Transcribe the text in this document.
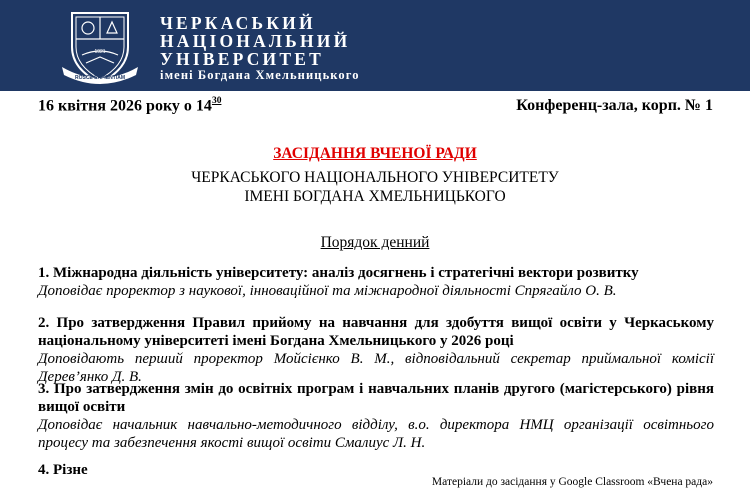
ROSCE SAPIENTIAM
1921
ЧЕРКАСЬКИЙ
НАЦІОНАЛЬНИЙ
УНІВЕРСИТЕТ
імені Богдана Хмельницького
16 квітня 2026 року о $14^{30}$	Конференц-зала, корп. № 1
ЗАСІДАННЯ ВЧЕНОЇ РАДИ
ЧЕРКАСЬКОГО НАЦІОНАЛЬНОГО УНІВЕРСИТЕТУ
ІМЕНІ БОГДАНА ХМЕЛЬНИЦЬКОГО
Порядок денний
1. Міжнародна діяльність університету: аналіз досягнень і стратегічні вектори розвитку
Доповідає проректор з наукової, інноваційної та міжнародної діяльності Спрягайло О. В.
2. Про затвердження Правил прийому на навчання для здобуття вищої освіти у Черкаському національному університеті імені Богдана Хмельницького у 2026 році
Доповідають перший проректор Мойсієнко В. М., відповідальний секретар приймальної комісії Дерев’янко Д. В.
3. Про затвердження змін до освітніх програм і навчальних планів другого (магістерського) рівня вищої освіти
Доповідає начальник навчально-методичного відділу, в.о. директора НМЦ організації освітнього процесу та забезпечення якості вищої освіти Смалиус Л. Н.
4. Різне
Матеріали до засідання у Google Classroom «Вчена рада»
